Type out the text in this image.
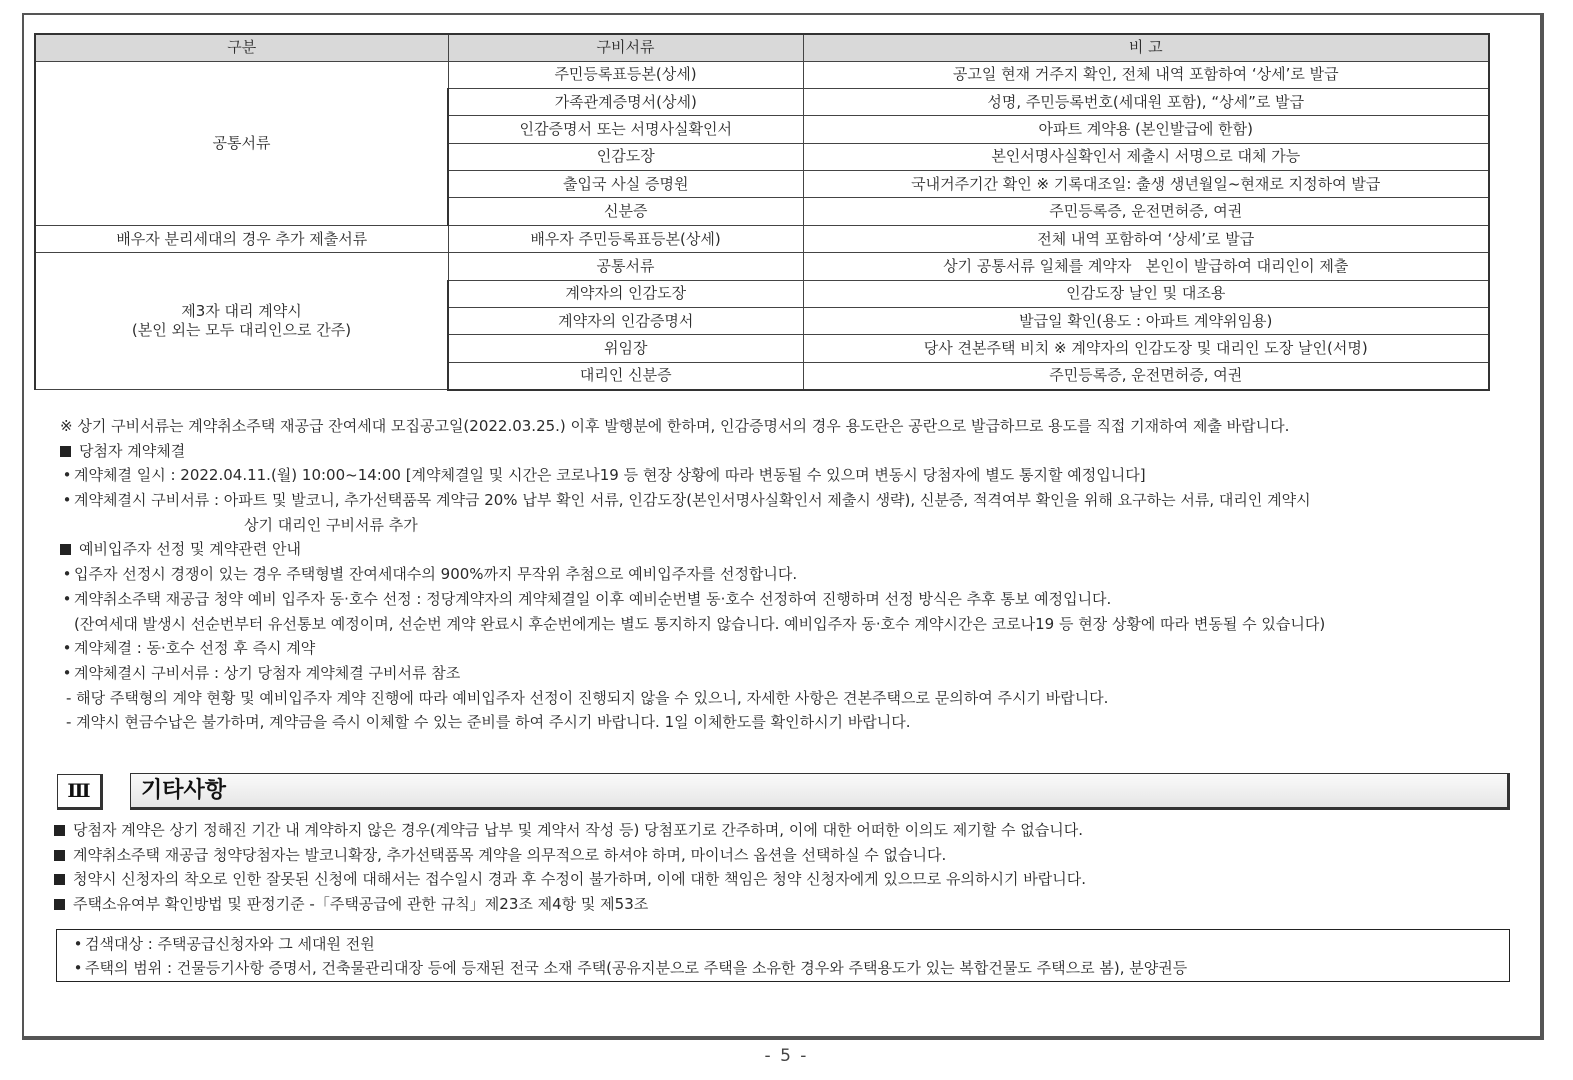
구분	구비서류	비 고
공통서류	주민등록표등본(상세)	공고일 현재 거주지 확인, 전체 내역 포함하여 ‘상세’로 발급
	가족관계증명서(상세)	성명, 주민등록번호(세대원 포함), “상세”로 발급
	인감증명서 또는 서명사실확인서	아파트 계약용 (본인발급에 한함)
	인감도장	본인서명사실확인서 제출시 서명으로 대체 가능
	출입국 사실 증명원	국내거주기간 확인 ※ 기록대조일: 출생 생년월일~현재로 지정하여 발급
	신분증	주민등록증, 운전면허증, 여권
배우자 분리세대의 경우 추가 제출서류	배우자 주민등록표등본(상세)	전체 내역 포함하여 ‘상세’로 발급

제3자 대리 계약시
(본인 외는 모두 대리인으로 간주)	공통서류	상기 공통서류 일체를 계약자   본인이 발급하여 대리인이 제출
	계약자의 인감도장	인감도장 날인 및 대조용
	계약자의 인감증명서	발급일 확인(용도 : 아파트 계약위임용)
	위임장	당사 견본주택 비치 ※ 계약자의 인감도장 및 대리인 도장 날인(서명)
	대리인 신분증	주민등록증, 운전면허증, 여권
※ 상기 구비서류는 계약취소주택 재공급 잔여세대 모집공고일(2022.03.25.) 이후 발행분에 한하며, 인감증명서의 경우 용도란은 공란으로 발급하므로 용도를 직접 기재하여 제출 바랍니다.
당첨자 계약체결
• 계약체결 일시 : 2022.04.11.(월) 10:00~14:00 [계약체결일 및 시간은 코로나19 등 현장 상황에 따라 변동될 수 있으며 변동시 당첨자에 별도 통지할 예정입니다]
• 계약체결시 구비서류 : 아파트 및 발코니, 추가선택품목 계약금 20% 납부 확인 서류, 인감도장(본인서명사실확인서 제출시 생략), 신분증, 적격여부 확인을 위해 요구하는 서류, 대리인 계약시
상기 대리인 구비서류 추가
예비입주자 선정 및 계약관련 안내
• 입주자 선정시 경쟁이 있는 경우 주택형별 잔여세대수의 900%까지 무작위 추첨으로 예비입주자를 선정합니다.
• 계약취소주택 재공급 청약 예비 입주자 동·호수 선정 : 정당계약자의 계약체결일 이후 예비순번별 동·호수 선정하여 진행하며 선정 방식은 추후 통보 예정입니다.
(잔여세대 발생시 선순번부터 유선통보 예정이며, 선순번 계약 완료시 후순번에게는 별도 통지하지 않습니다. 예비입주자 동·호수 계약시간은 코로나19 등 현장 상황에 따라 변동될 수 있습니다)
• 계약체결 : 동·호수 선정 후 즉시 계약
• 계약체결시 구비서류 : 상기 당첨자 계약체결 구비서류 참조
- 해당 주택형의 계약 현황 및 예비입주자 계약 진행에 따라 예비입주자 선정이 진행되지 않을 수 있으니, 자세한 사항은 견본주택으로 문의하여 주시기 바랍니다.
- 계약시 현금수납은 불가하며, 계약금을 즉시 이체할 수 있는 준비를 하여 주시기 바랍니다. 1일 이체한도를 확인하시기 바랍니다.
Ⅲ	기타사항
당첨자 계약은 상기 정해진 기간 내 계약하지 않은 경우(계약금 납부 및 계약서 작성 등) 당첨포기로 간주하며, 이에 대한 어떠한 이의도 제기할 수 없습니다.
계약취소주택 재공급 청약당첨자는 발코니확장, 추가선택품목 계약을 의무적으로 하셔야 하며, 마이너스 옵션을 선택하실 수 없습니다.
청약시 신청자의 착오로 인한 잘못된 신청에 대해서는 접수일시 경과 후 수정이 불가하며, 이에 대한 책임은 청약 신청자에게 있으므로 유의하시기 바랍니다.
주택소유여부 확인방법 및 판정기준 -「주택공급에 관한 규칙」제23조 제4항 및 제53조
• 검색대상 : 주택공급신청자와 그 세대원 전원
• 주택의 범위 : 건물등기사항 증명서, 건축물관리대장 등에 등재된 전국 소재 주택(공유지분으로 주택을 소유한 경우와 주택용도가 있는 복합건물도 주택으로 봄), 분양권등
- 5 -
